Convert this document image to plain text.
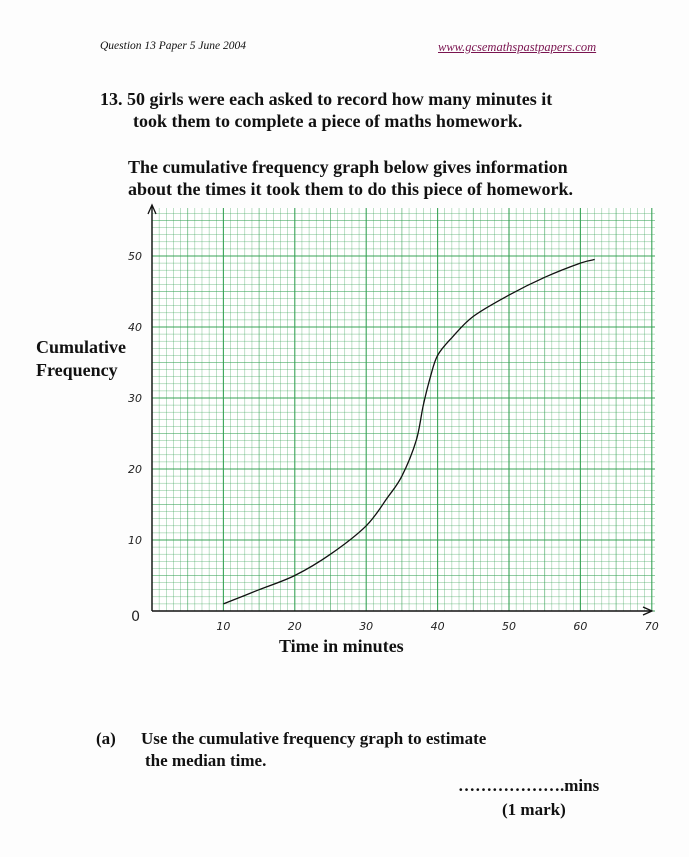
Question 13 Paper 5 June 2004	www.gcsemathspastpapers.com
13. 50 girls were each asked to record how many minutes it
took them to complete a piece of maths homework.
The cumulative frequency graph below gives information
about the times it took them to do this piece of homework.
10	20	30	40	50	60	70
0
10
20
30
40
50
Cumulative
Frequency
Time in minutes
(a) Use the cumulative frequency graph to estimate
the median time.
……………….mins
(1 mark)
